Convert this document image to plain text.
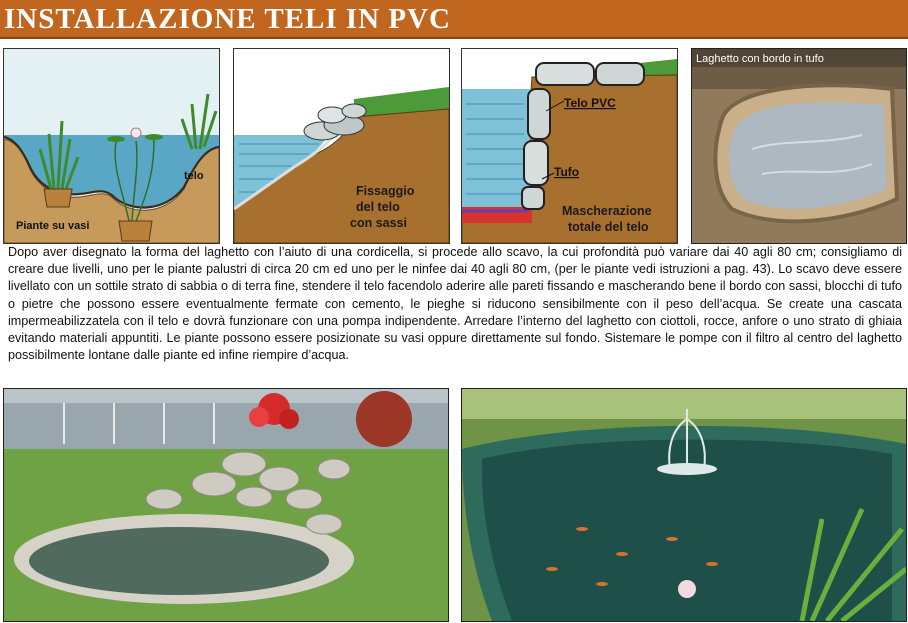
INSTALLAZIONE TELI IN PVC
telo
Piante su vasi
Fissaggio
del telo
con sassi
Telo PVC
Tufo
Mascherazione
totale del telo
Laghetto con bordo in tufo

Dopo aver disegnato la forma del laghetto con l’aiuto di una cordicella, si procede allo scavo, la cui profondità può variare dai 40 agli 80 cm; consigliamo di creare due livelli, uno per le piante palustri di circa 20 cm ed uno per le ninfee dai 40 agli 80 cm, (per le piante vedi istruzioni a pag. 43). Lo scavo deve essere livellato con un sottile strato di sabbia o di terra fine, stendere il telo facendolo aderire alle pareti fissando e mascherando bene il bordo con sassi, blocchi di tufo o pietre che possono essere eventualmente fermate con cemento, le pieghe si riducono sensibilmente con il peso dell’acqua. Se create una cascata impermeabilizzatela con il telo e dovrà funzionare con una pompa indipendente. Arredare l’interno del laghetto con ciottoli, rocce, anfore o uno strato di ghiaia evitando materiali appuntiti. Le piante possono essere posizionate su vasi oppure direttamente sul fondo. Sistemare le pompe con il filtro al centro del laghetto possibilmente lontane dalle piante ed infine riempire d’acqua.
